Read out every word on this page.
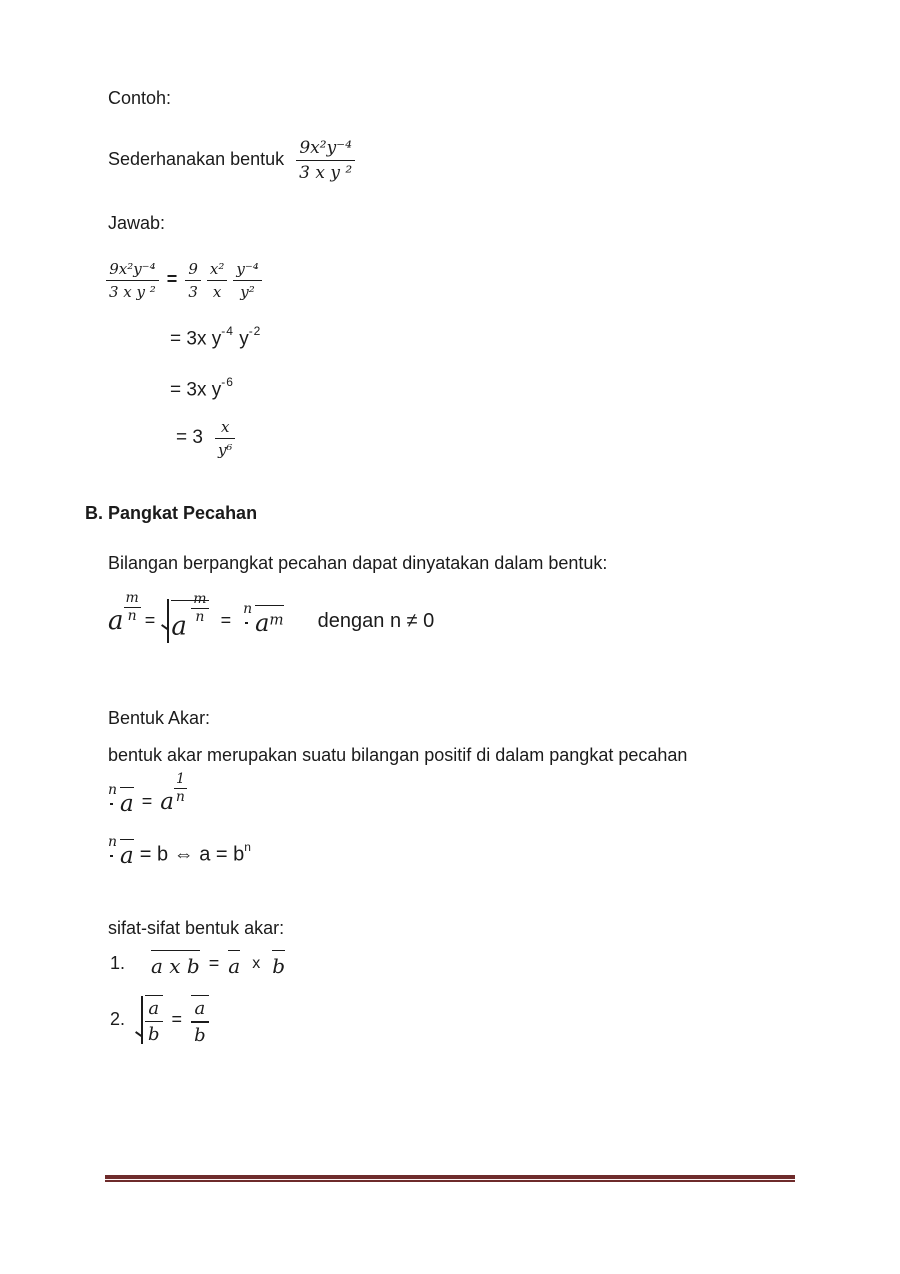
Contoh:
Sederhanakan bentuk $\frac{\text{9x²y⁻⁴}}{\text{3 x y ²}}$
Jawab:
$\frac{\text{9x²y⁻⁴}}{\text{3 x y ²}} = \frac{9}{3} \frac{\text{x²}}{x} \frac{\text{y⁻⁴}}{\text{y²}}$
= 3x $y^{-4}$ $y^{-2}$
= 3x $y^{-6}$
= $3 \frac{x}{\text{y⁶}}$
B. Pangkat Pecahan
Bilangan berpangkat pecahan dapat dinyatakan dalam bentuk:
a $\frac{m}{n} = a$
$\frac{m}{n}$ =
n $a^m$ dengan n ≠ 0
Bentuk Akar:
bentuk akar merupakan suatu bilangan positif di dalam pangkat pecahan
n
a = a $\frac{1}{n}$
n
a = b ⇔ $a = b^n$
sifat-sifat bentuk akar:
1. a x b = a x b
2. $\frac{a}{b} = \frac{a}{b}$
